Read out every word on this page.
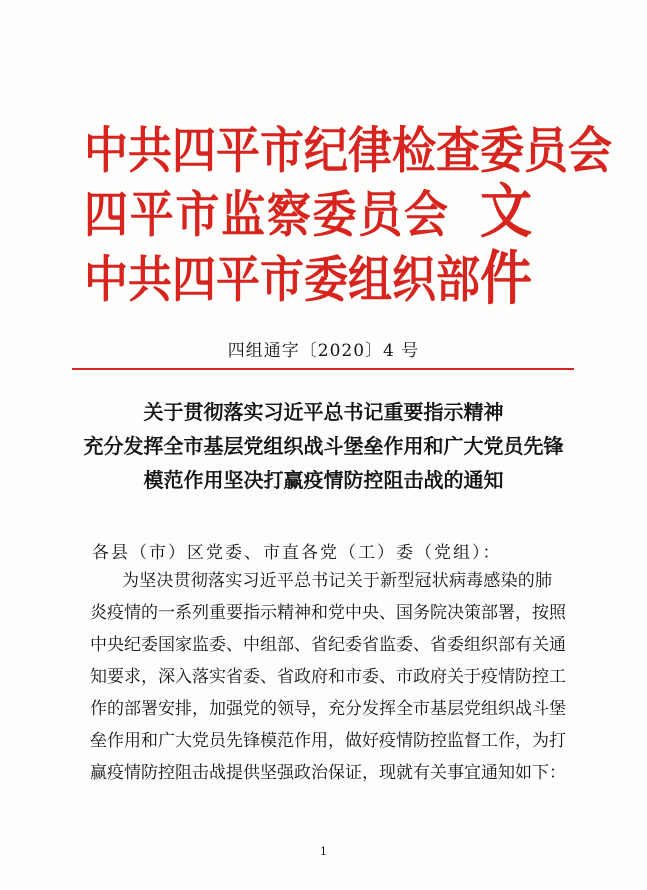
中 共 四 平 市 纪 律 检 查 委 员 会
四 平 市 监 察 委 员 会
中 共 四 平 市 委 组 织 部
文件
四组通字〔2020〕4 号
关于贯彻落实习近平总书记重要指示精神
充分发挥全市基层党组织战斗堡垒作用和广大党员先锋
模范作用坚决打赢疫情防控阻击战的通知
各县（市）区党委、市直各党（工）委（党组）：
为坚决贯彻落实习近平总书记关于新型冠状病毒感染的肺
炎疫情的一系列重要指示精神和党中央、国务院决策部署，按照
中央纪委国家监委、中组部、省纪委省监委、省委组织部有关通
知要求，深入落实省委、省政府和市委、市政府关于疫情防控工
作的部署安排，加强党的领导，充分发挥全市基层党组织战斗堡
垒作用和广大党员先锋模范作用，做好疫情防控监督工作，为打
赢疫情防控阻击战提供坚强政治保证，现就有关事宜通知如下：
1
